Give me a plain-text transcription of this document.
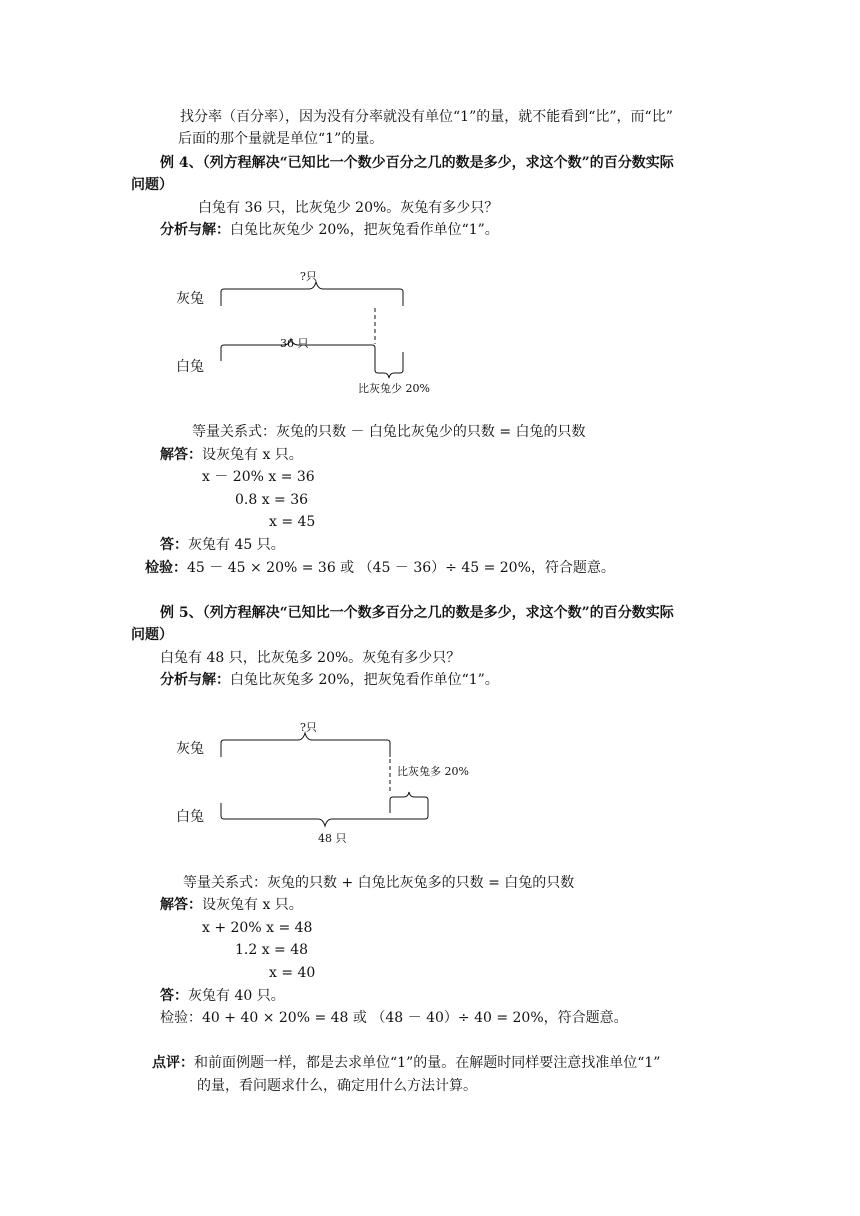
找分率（百分率），因为没有分率就没有单位“1”的量，就不能看到“比”，而“比”
后面的那个量就是单位“1”的量。
例 4、（列方程解决“已知比一个数少百分之几的数是多少，求这个数”的百分数实际
问题）
白兔有 36 只，比灰兔少 20%。灰兔有多少只？
分析与解：白兔比灰兔少 20%，把灰兔看作单位“1”。
灰兔
白兔
?只
36 只
比灰兔少 20%
等量关系式：灰兔的只数 － 白兔比灰兔少的只数 = 白兔的只数
解答：设灰兔有 x 只。
x － 20% x = 36
0.8 x = 36
x = 45
答：灰兔有 45 只。
检验：45 － 45 × 20% = 36 或 （45 － 36）÷ 45 = 20%，符合题意。
例 5、（列方程解决“已知比一个数多百分之几的数是多少，求这个数”的百分数实际
问题）
白兔有 48 只，比灰兔多 20%。灰兔有多少只？
分析与解：白兔比灰兔多 20%，把灰兔看作单位“1”。
灰兔
白兔
?只
比灰兔多 20%
48 只
等量关系式：灰兔的只数 + 白兔比灰兔多的只数 = 白兔的只数
解答：设灰兔有 x 只。
x + 20% x = 48
1.2 x = 48
x = 40
答：灰兔有 40 只。
检验：40 + 40 × 20% = 48 或 （48 － 40）÷ 40 = 20%，符合题意。
点评：和前面例题一样，都是去求单位“1”的量。在解题时同样要注意找准单位“1”
的量，看问题求什么，确定用什么方法计算。
